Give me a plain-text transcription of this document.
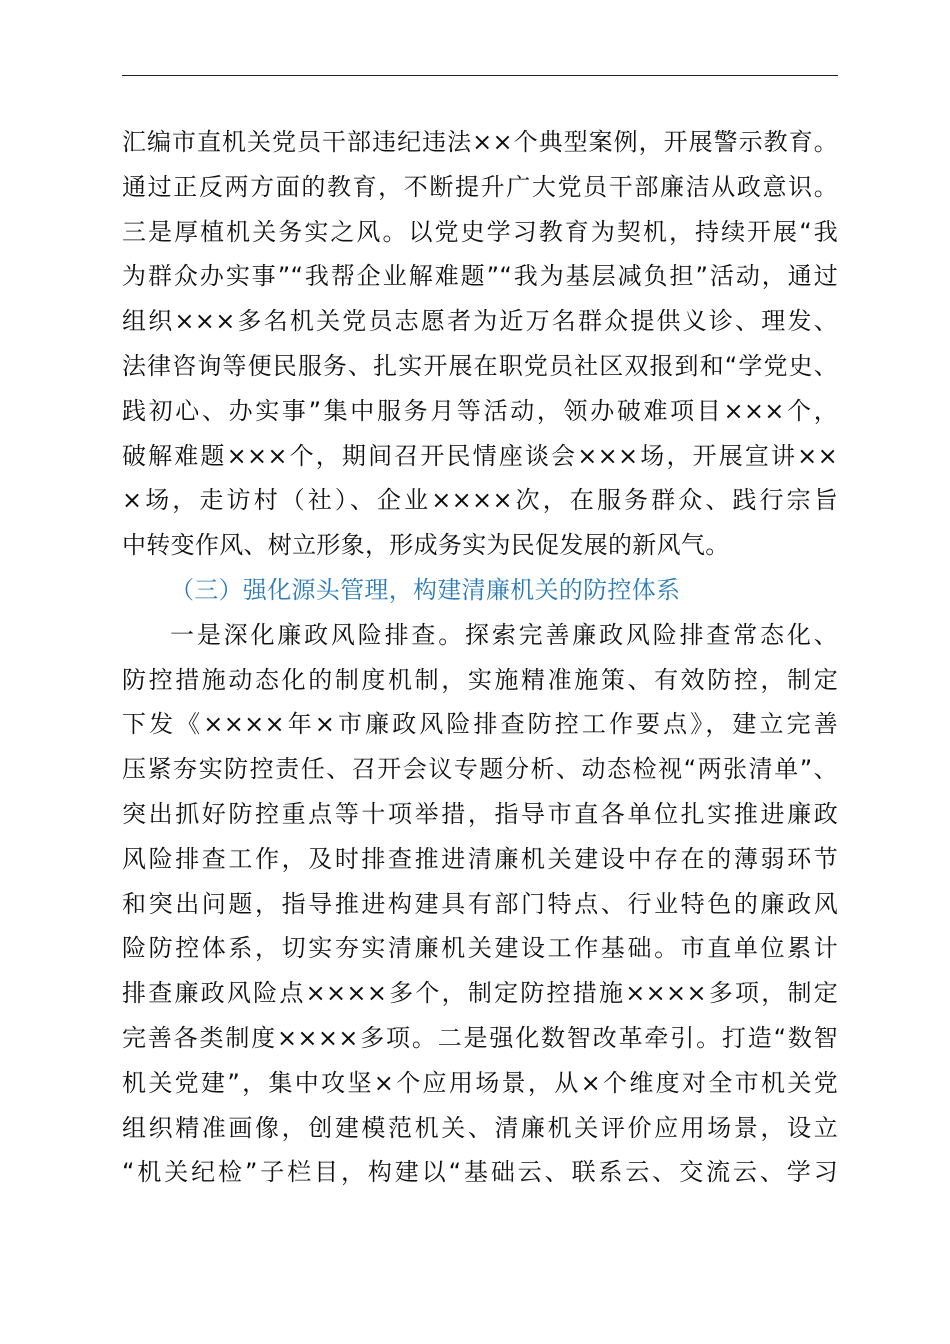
汇编市直机关党员干部违纪违法××个典型案例，开展警示教育。
通过正反两方面的教育，不断提升广大党员干部廉洁从政意识。
三是厚植机关务实之风。以党史学习教育为契机，持续开展“我
为群众办实事”“我帮企业解难题”“我为基层减负担”活动，通过
组织×××多名机关党员志愿者为近万名群众提供义诊、理发、
法律咨询等便民服务、扎实开展在职党员社区双报到和“学党史、
践初心、办实事”集中服务月等活动，领办破难项目×××个，
破解难题×××个，期间召开民情座谈会×××场，开展宣讲××
×场，走访村（社）、企业××××次，在服务群众、践行宗旨
中转变作风、树立形象，形成务实为民促发展的新风气。
（三）强化源头管理，构建清廉机关的防控体系
一是深化廉政风险排查。探索完善廉政风险排查常态化、
防控措施动态化的制度机制，实施精准施策、有效防控，制定
下发《××××年×市廉政风险排查防控工作要点》，建立完善
压紧夯实防控责任、召开会议专题分析、动态检视“两张清单”、
突出抓好防控重点等十项举措，指导市直各单位扎实推进廉政
风险排查工作，及时排查推进清廉机关建设中存在的薄弱环节
和突出问题，指导推进构建具有部门特点、行业特色的廉政风
险防控体系，切实夯实清廉机关建设工作基础。市直单位累计
排查廉政风险点××××多个，制定防控措施××××多项，制定
完善各类制度××××多项。二是强化数智改革牵引。打造“数智
机关党建”，集中攻坚×个应用场景，从×个维度对全市机关党
组织精准画像，创建模范机关、清廉机关评价应用场景，设立
“机关纪检”子栏目，构建以“基础云、联系云、交流云、学习
